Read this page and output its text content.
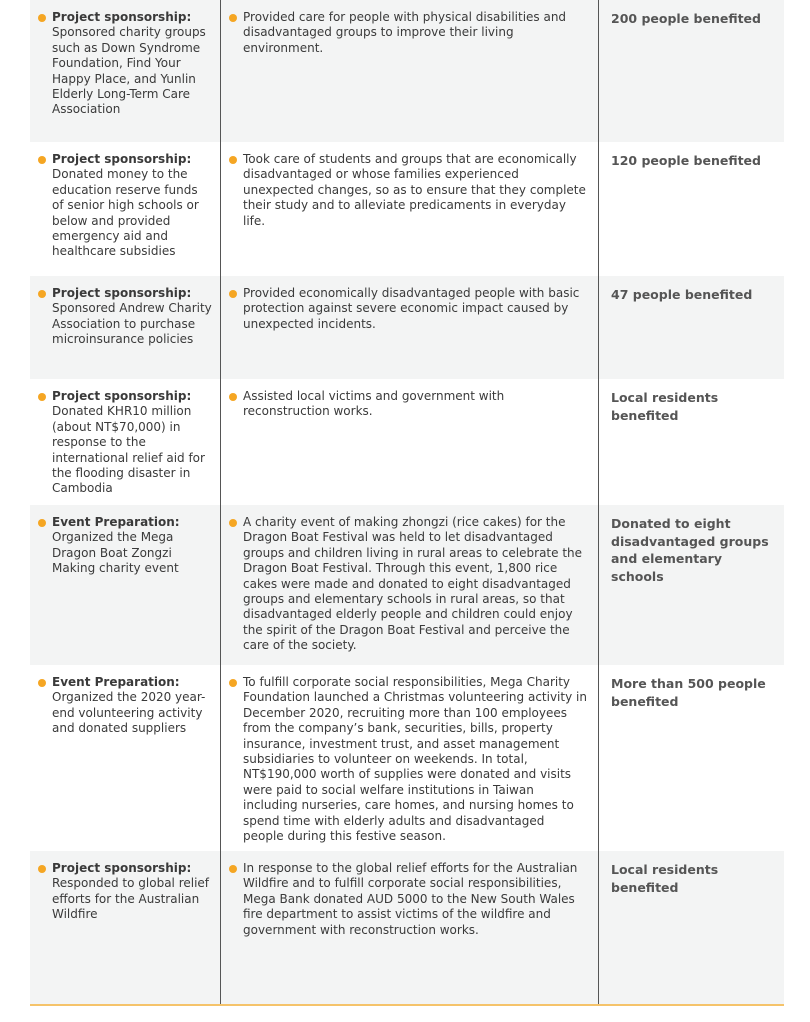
Project sponsorship:
Sponsored charity groups such as Down Syndrome Foundation, Find Your Happy Place, and Yunlin Elderly Long-Term Care Association
Provided care for people with physical disabilities and disadvantaged groups to improve their living environment.
200 people benefited
Project sponsorship:
Donated money to the education reserve funds of senior high schools or below and provided emergency aid and healthcare subsidies
Took care of students and groups that are economically disadvantaged or whose families experienced unexpected changes, so as to ensure that they complete their study and to alleviate predicaments in everyday life.
120 people benefited
Project sponsorship:
Sponsored Andrew Charity Association to purchase microinsurance policies
Provided economically disadvantaged people with basic protection against severe economic impact caused by unexpected incidents.
47 people benefited
Project sponsorship:
Donated KHR10 million (about NT$70,000) in response to the international relief aid for the flooding disaster in Cambodia
Assisted local victims and government with reconstruction works.
Local residents benefited
Event Preparation:
Organized the Mega Dragon Boat Zongzi Making charity event
A charity event of making zhongzi (rice cakes) for the Dragon Boat Festival was held to let disadvantaged groups and children living in rural areas to celebrate the Dragon Boat Festival. Through this event, 1,800 rice cakes were made and donated to eight disadvantaged groups and elementary schools in rural areas, so that disadvantaged elderly people and children could enjoy the spirit of the Dragon Boat Festival and perceive the care of the society.
Donated to eight disadvantaged groups and elementary schools
Event Preparation:
Organized the 2020 year-end volunteering activity and donated suppliers
To fulfill corporate social responsibilities, Mega Charity Foundation launched a Christmas volunteering activity in December 2020, recruiting more than 100 employees from the company’s bank, securities, bills, property insurance, investment trust, and asset management subsidiaries to volunteer on weekends. In total, NT$190,000 worth of supplies were donated and visits were paid to social welfare institutions in Taiwan including nurseries, care homes, and nursing homes to spend time with elderly adults and disadvantaged people during this festive season.
More than 500 people benefited
Project sponsorship:
Responded to global relief efforts for the Australian Wildfire
In response to the global relief efforts for the Australian Wildfire and to fulfill corporate social responsibilities, Mega Bank donated AUD 5000 to the New South Wales fire department to assist victims of the wildfire and government with reconstruction works.
Local residents benefited
